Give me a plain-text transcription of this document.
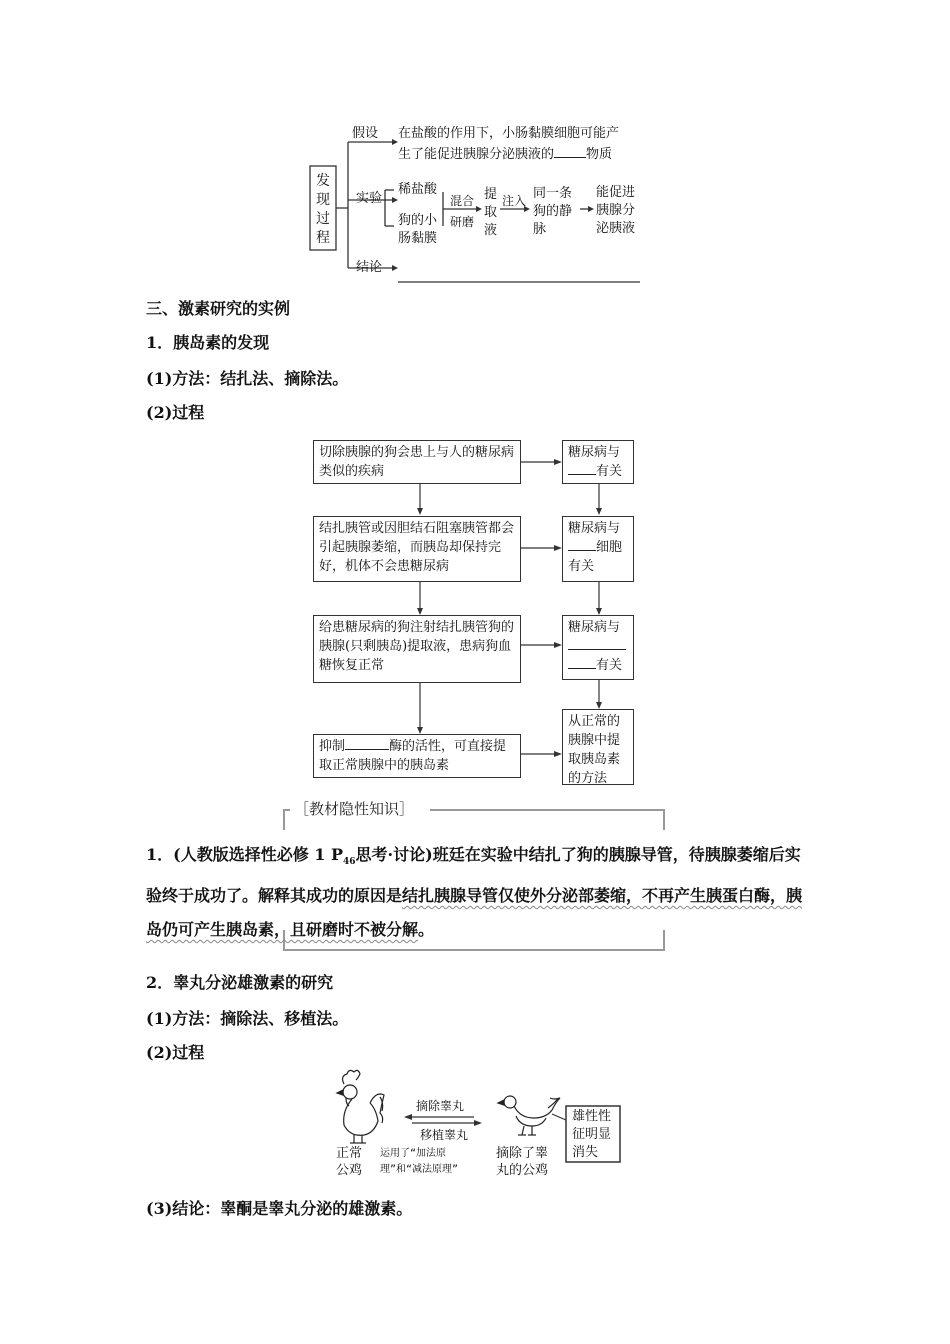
发现过程
假设 在盐酸的作用下，小肠黏膜细胞可能产
生了能促进胰腺分泌胰液的 物质
实验
稀盐酸
狗的小肠黏膜
混合
研磨
提取液
注入 同一条狗的静脉
能促进胰腺分泌胰液
结论
三、激素研究的实例
1．胰岛素的发现
(1)方法：结扎法、摘除法。
(2)过程
切除胰腺的狗会患上与人的糖尿病类似的疾病
结扎胰管或因胆结石阻塞胰管都会引起胰腺萎缩，而胰岛却保持完好，机体不会患糖尿病
给患糖尿病的狗注射结扎胰管狗的胰腺(只剩胰岛)提取液，患病狗血糖恢复正常
抑制	酶的活性，可直接提取正常胰腺中的胰岛素
糖尿病与
有关
糖尿病与
细胞
有关
糖尿病与
有关
从正常的胰腺中提取胰岛素的方法
［教材隐性知识］
1．(人教版选择性必修 1 $P_{46}$思考·讨论)班廷在实验中结扎了狗的胰腺导管，待胰腺萎缩后实验终于成功了。解释其成功的原因是结扎胰腺导管仅使外分泌部萎缩，不再产生胰蛋白酶，胰岛仍可产生胰岛素，且研磨时不被分解。
2．睾丸分泌雄激素的研究
(1)方法：摘除法、移植法。
(2)过程
正常
公鸡
摘除睾丸
移植睾丸
运用了“加法原理”和“减法原理”
摘除了睾
丸的公鸡
雄性性征明显消失
(3)结论：睾酮是睾丸分泌的雄激素。
